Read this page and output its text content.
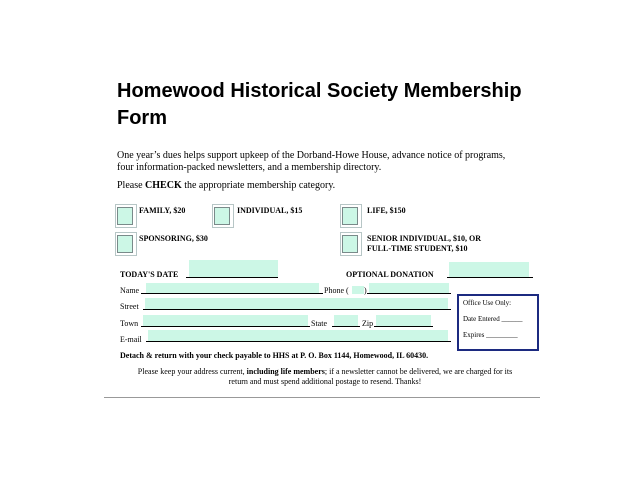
Homewood Historical Society Membership Form
One year’s dues helps support upkeep of the Dorband-Howe House, advance notice of programs, four information-packed newsletters, and a membership directory.
Please CHECK the appropriate membership category.
FAMILY, $20	INDIVIDUAL, $15	LIFE, $150
SPONSORING, $30	SENIOR INDIVIDUAL, $10, OR
FULL-TIME STUDENT, $10
TODAY'S DATE	OPTIONAL DONATION
Name	Phone ( )
Street
Town	State	Zip
E-mail
Office Use Only:
Date Entered ______
Expires _________
Detach & return with your check payable to HHS at P. O. Box 1144, Homewood, IL 60430.
Please keep your address current, including life members; if a newsletter cannot be delivered, we are charged for its return and must spend additional postage to resend. Thanks!
